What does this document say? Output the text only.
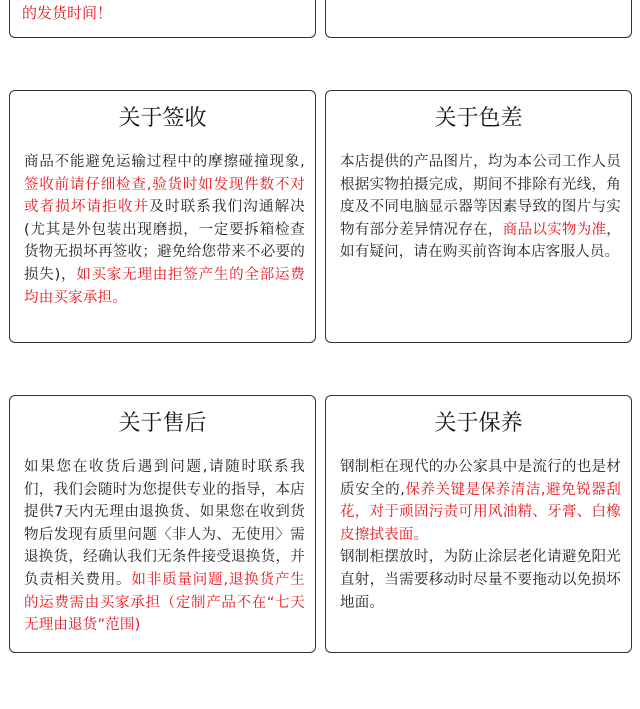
的发货时间！
关于签收
商品不能避免运输过程中的摩擦碰撞现象,签收前请仔细检查,验货时如发现件数不对或者损坏请拒收并及时联系我们沟通解决(尤其是外包装出现磨损，一定要拆箱检查货物无损坏再签收；避免给您带来不必要的损失)，如买家无理由拒签产生的全部运费均由买家承担。
关于色差
本店提供的产品图片，均为本公司工作人员根据实物拍摄完成，期间不排除有光线，角度及不同电脑显示器等因素导致的图片与实物有部分差异情况存在，商品以实物为准，如有疑问，请在购买前咨询本店客服人员。
关于售后
如果您在收货后遇到问题,请随时联系我们，我们会随时为您提供专业的指导，本店提供7天内无理由退换货、如果您在收到货物后发现有质里问题〈非人为、无使用〉需退换货，经确认我们无条件接受退换货，并负责相关费用。如非质量问题,退换货产生的运费需由买家承担（定制产品不在“七天无理由退货”范围)
关于保养
钢制柜在现代的办公家具中是流行的也是材质安全的,保养关键是保养清洁,避免锐器刮花，对于顽固污责可用风油精、牙膏、白橡皮擦拭表面。
钢制柜摆放时，为防止涂层老化请避免阳光直射，当需要移动时尽量不要拖动以免损坏地面。
